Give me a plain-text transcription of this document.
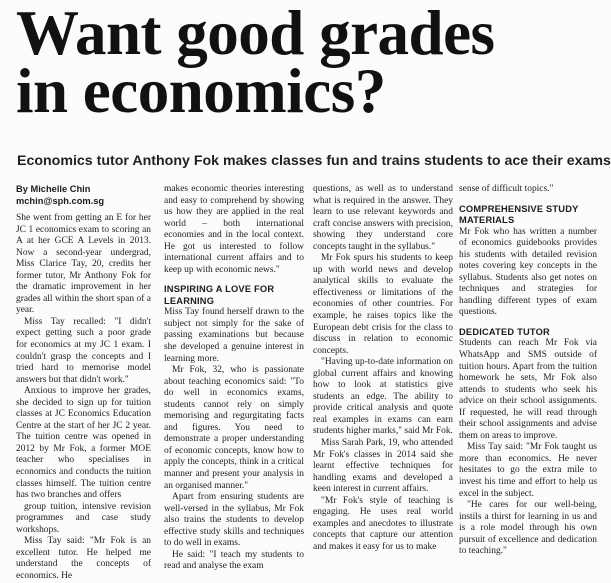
Want good grades
in economics?
Economics tutor Anthony Fok makes classes fun and trains students to ace their exams
By Michelle Chin
mchin@sph.com.sg

She went from getting an E for her JC 1 economics exam to scoring an A at her GCE A Levels in 2013. Now a second-year undergrad, Miss Clarice Tay, 20, credits her former tutor, Mr Anthony Fok for the dramatic improvement in her grades all within the short span of a year.

Miss Tay recalled: "I didn't expect getting such a poor grade for economics at my JC 1 exam. I couldn't grasp the concepts and I tried hard to memorise model answers but that didn't work."

Anxious to improve her grades, she decided to sign up for tuition classes at JC Economics Education Centre at the start of her JC 2 year. The tuition centre was opened in 2012 by Mr Fok, a former MOE teacher who specialises in economics and conducts the tuition classes himself. The tuition centre has two branches and offers

group tuition, intensive revision programmes and case study workshops.

Miss Tay said: "Mr Fok is an excellent tutor. He helped me understand the concepts of economics. He

makes economic theories interesting and easy to comprehend by showing us how they are applied in the real world – both international economies and in the local context. He got us interested to follow international current affairs and to keep up with economic news."

INSPIRING A LOVE FOR LEARNING

Miss Tay found herself drawn to the subject not simply for the sake of passing examinations but because she developed a genuine interest in learning more.

Mr Fok, 32, who is passionate about teaching economics said: "To do well in economics exams, students cannot rely on simply memorising and regurgitating facts and figures. You need to demonstrate a proper understanding of economic concepts, know how to apply the concepts, think in a critical manner and present your analysis in an organised manner."

Apart from ensuring students are well-versed in the syllabus, Mr Fok also trains the students to develop effective study skills and techniques to do well in exams.

He said: "I teach my students to read and analyse the exam

questions, as well as to understand what is required in the answer. They learn to use relevant keywords and craft concise answers with precision, showing they understand core concepts taught in the syllabus."

Mr Fok spurs his students to keep up with world news and develop analytical skills to evaluate the effectiveness or limitations of the economies of other countries. For example, he raises topics like the European debt crisis for the class to discuss in relation to economic concepts.

"Having up-to-date information on global current affairs and knowing how to look at statistics give students an edge. The ability to provide critical analysis and quote real examples in exams can earn students higher marks," said Mr Fok.

Miss Sarah Park, 19, who attended Mr Fok's classes in 2014 said she learnt effective techniques for handling exams and developed a keen interest in current affairs.

"Mr Fok's style of teaching is engaging. He uses real world examples and anecdotes to illustrate concepts that capture our attention and makes it easy for us to make

sense of difficult topics."

COMPREHENSIVE STUDY MATERIALS

Mr Fok who has written a number of economics guidebooks provides his students with detailed revision notes covering key concepts in the syllabus. Students also get notes on techniques and strategies for handling different types of exam questions.

DEDICATED TUTOR

Students can reach Mr Fok via WhatsApp and SMS outside of tuition hours. Apart from the tuition homework he sets, Mr Fok also attends to students who seek his advice on their school assignments. If requested, he will read through their school assignments and advise them on areas to improve.

Miss Tay said: "Mr Fok taught us more than economics. He never hesitates to go the extra mile to invest his time and effort to help us excel in the subject.

"He cares for our well-being, instils a thirst for learning in us and is a role model through his own pursuit of excellence and dedication to teaching."
